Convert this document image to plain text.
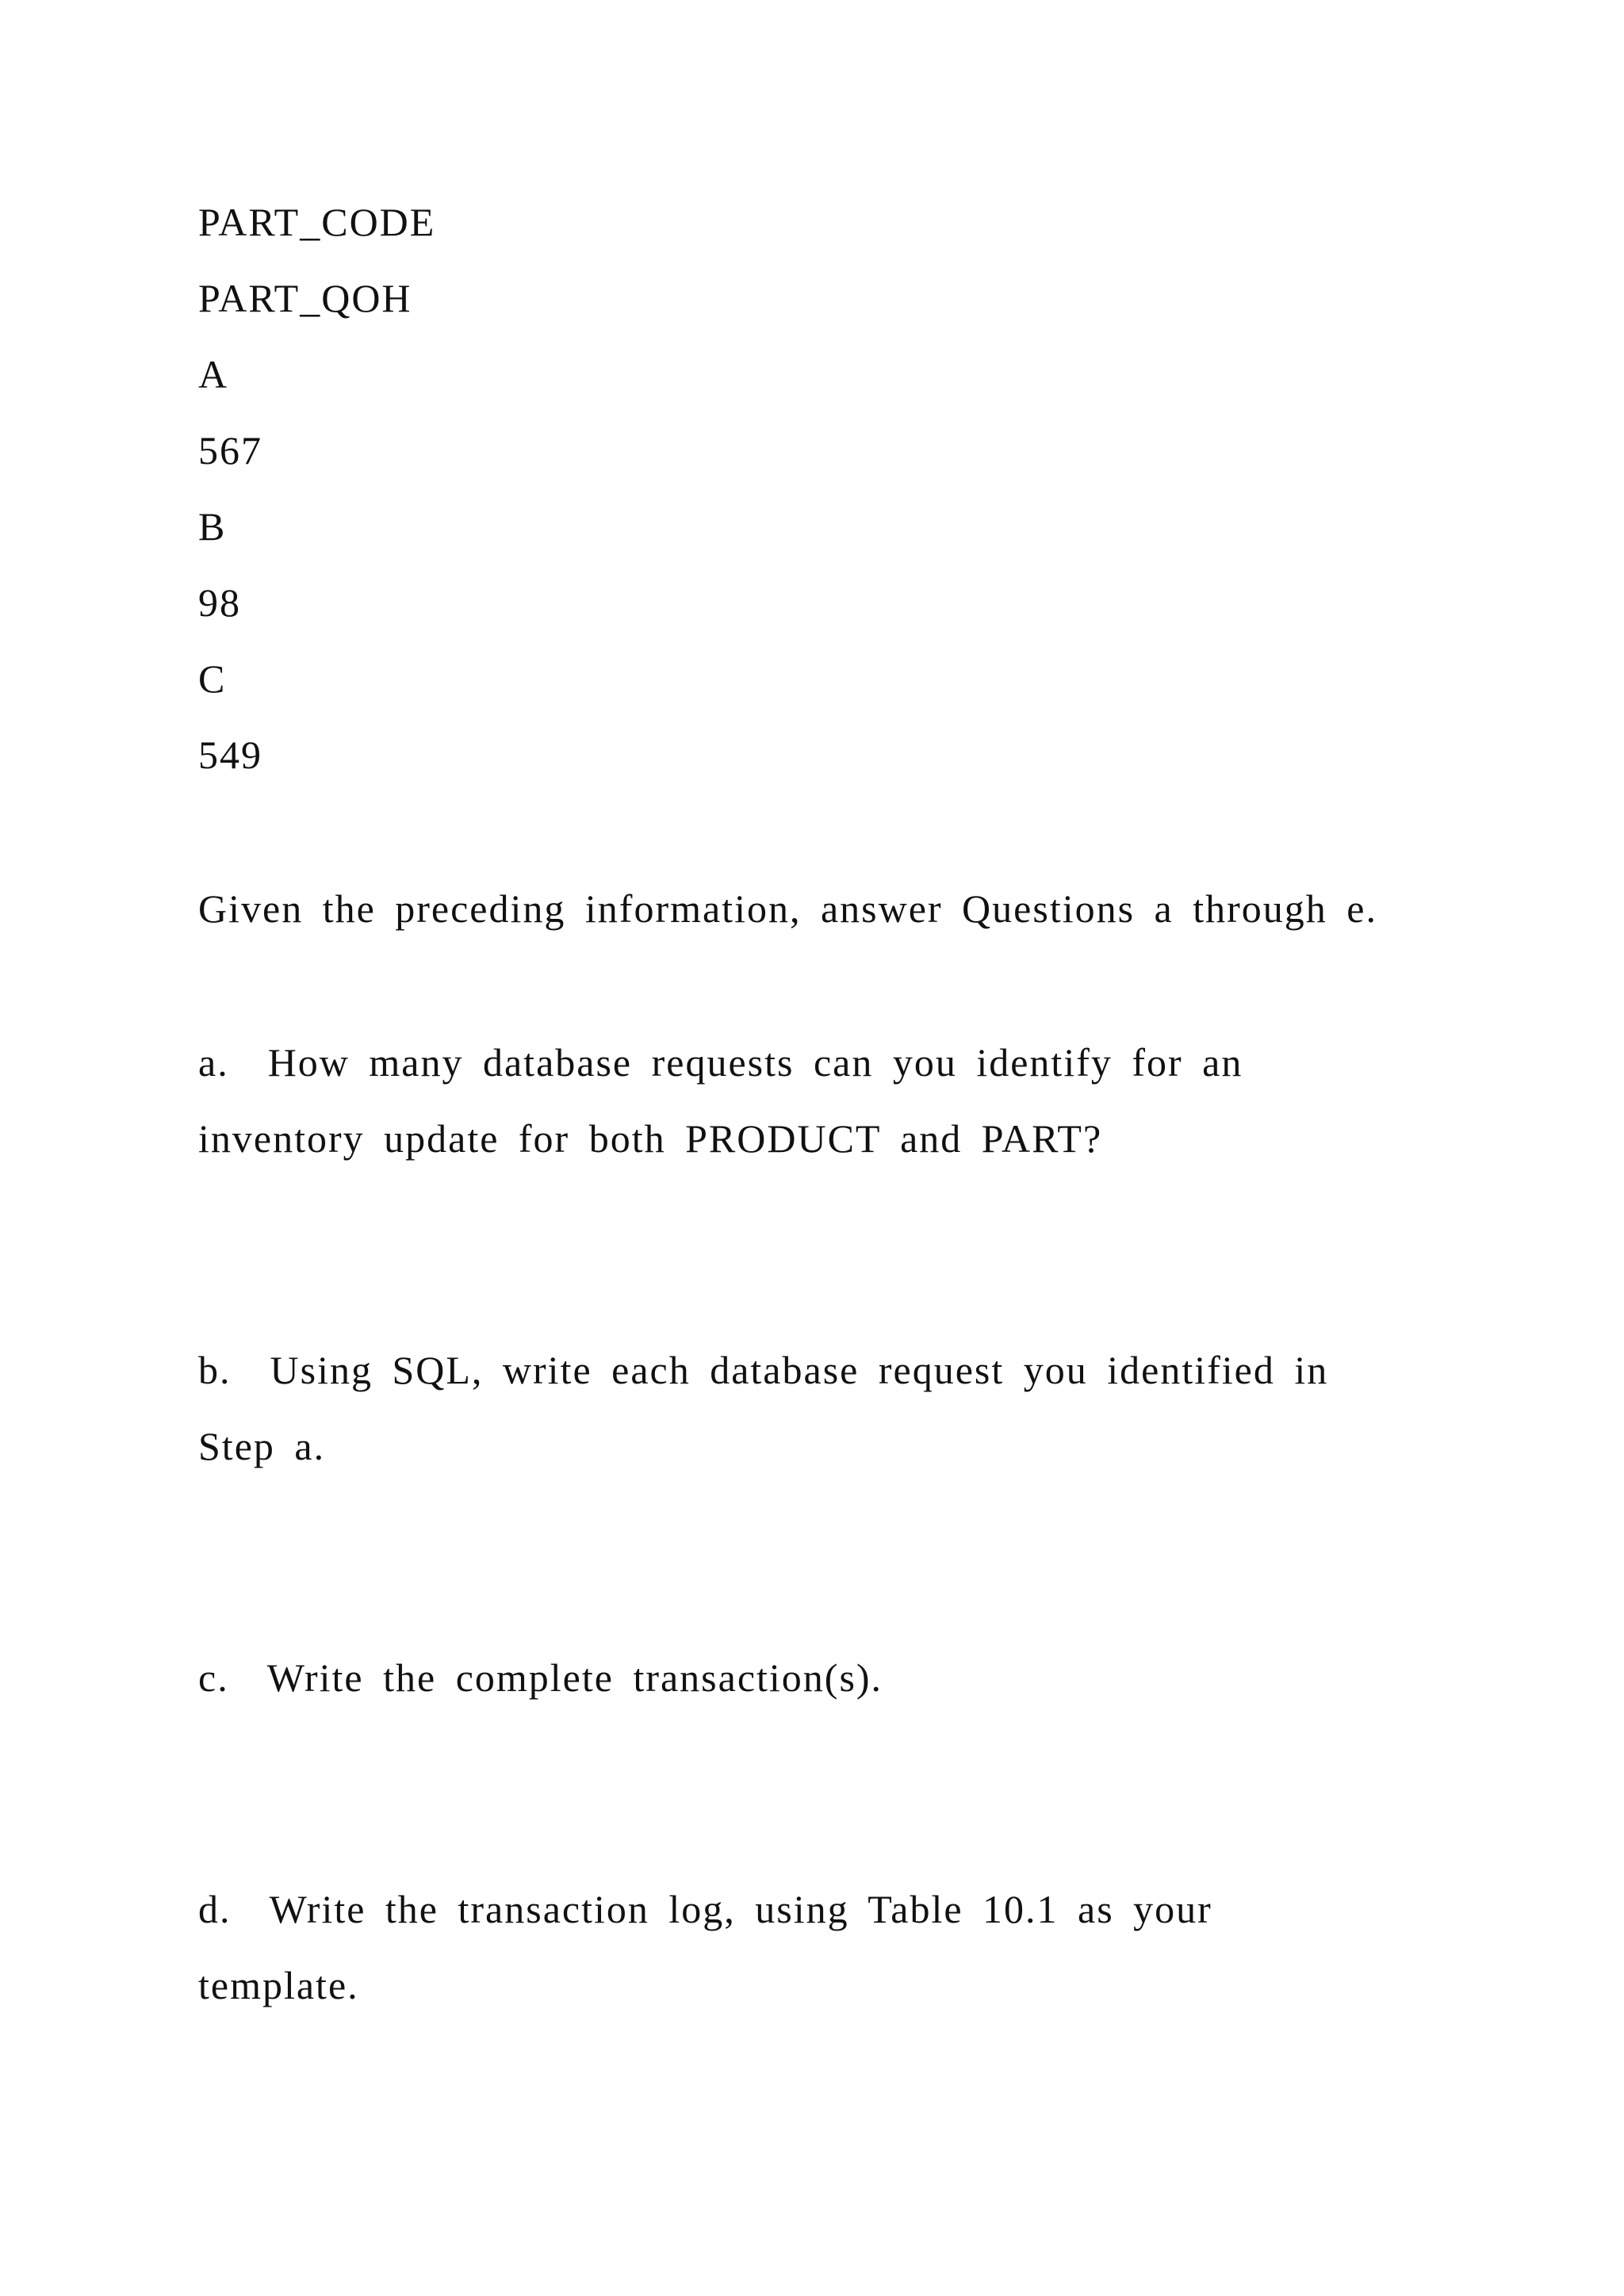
PART_CODE
PART_QOH
A
567
B
98
C
549
Given the preceding information, answer Questions a through e.
a.  How many database requests can you identify for an
inventory update for both PRODUCT and PART?
b.  Using SQL, write each database request you identified in
Step a.
c.  Write the complete transaction(s).
d.  Write the transaction log, using Table 10.1 as your
template.
